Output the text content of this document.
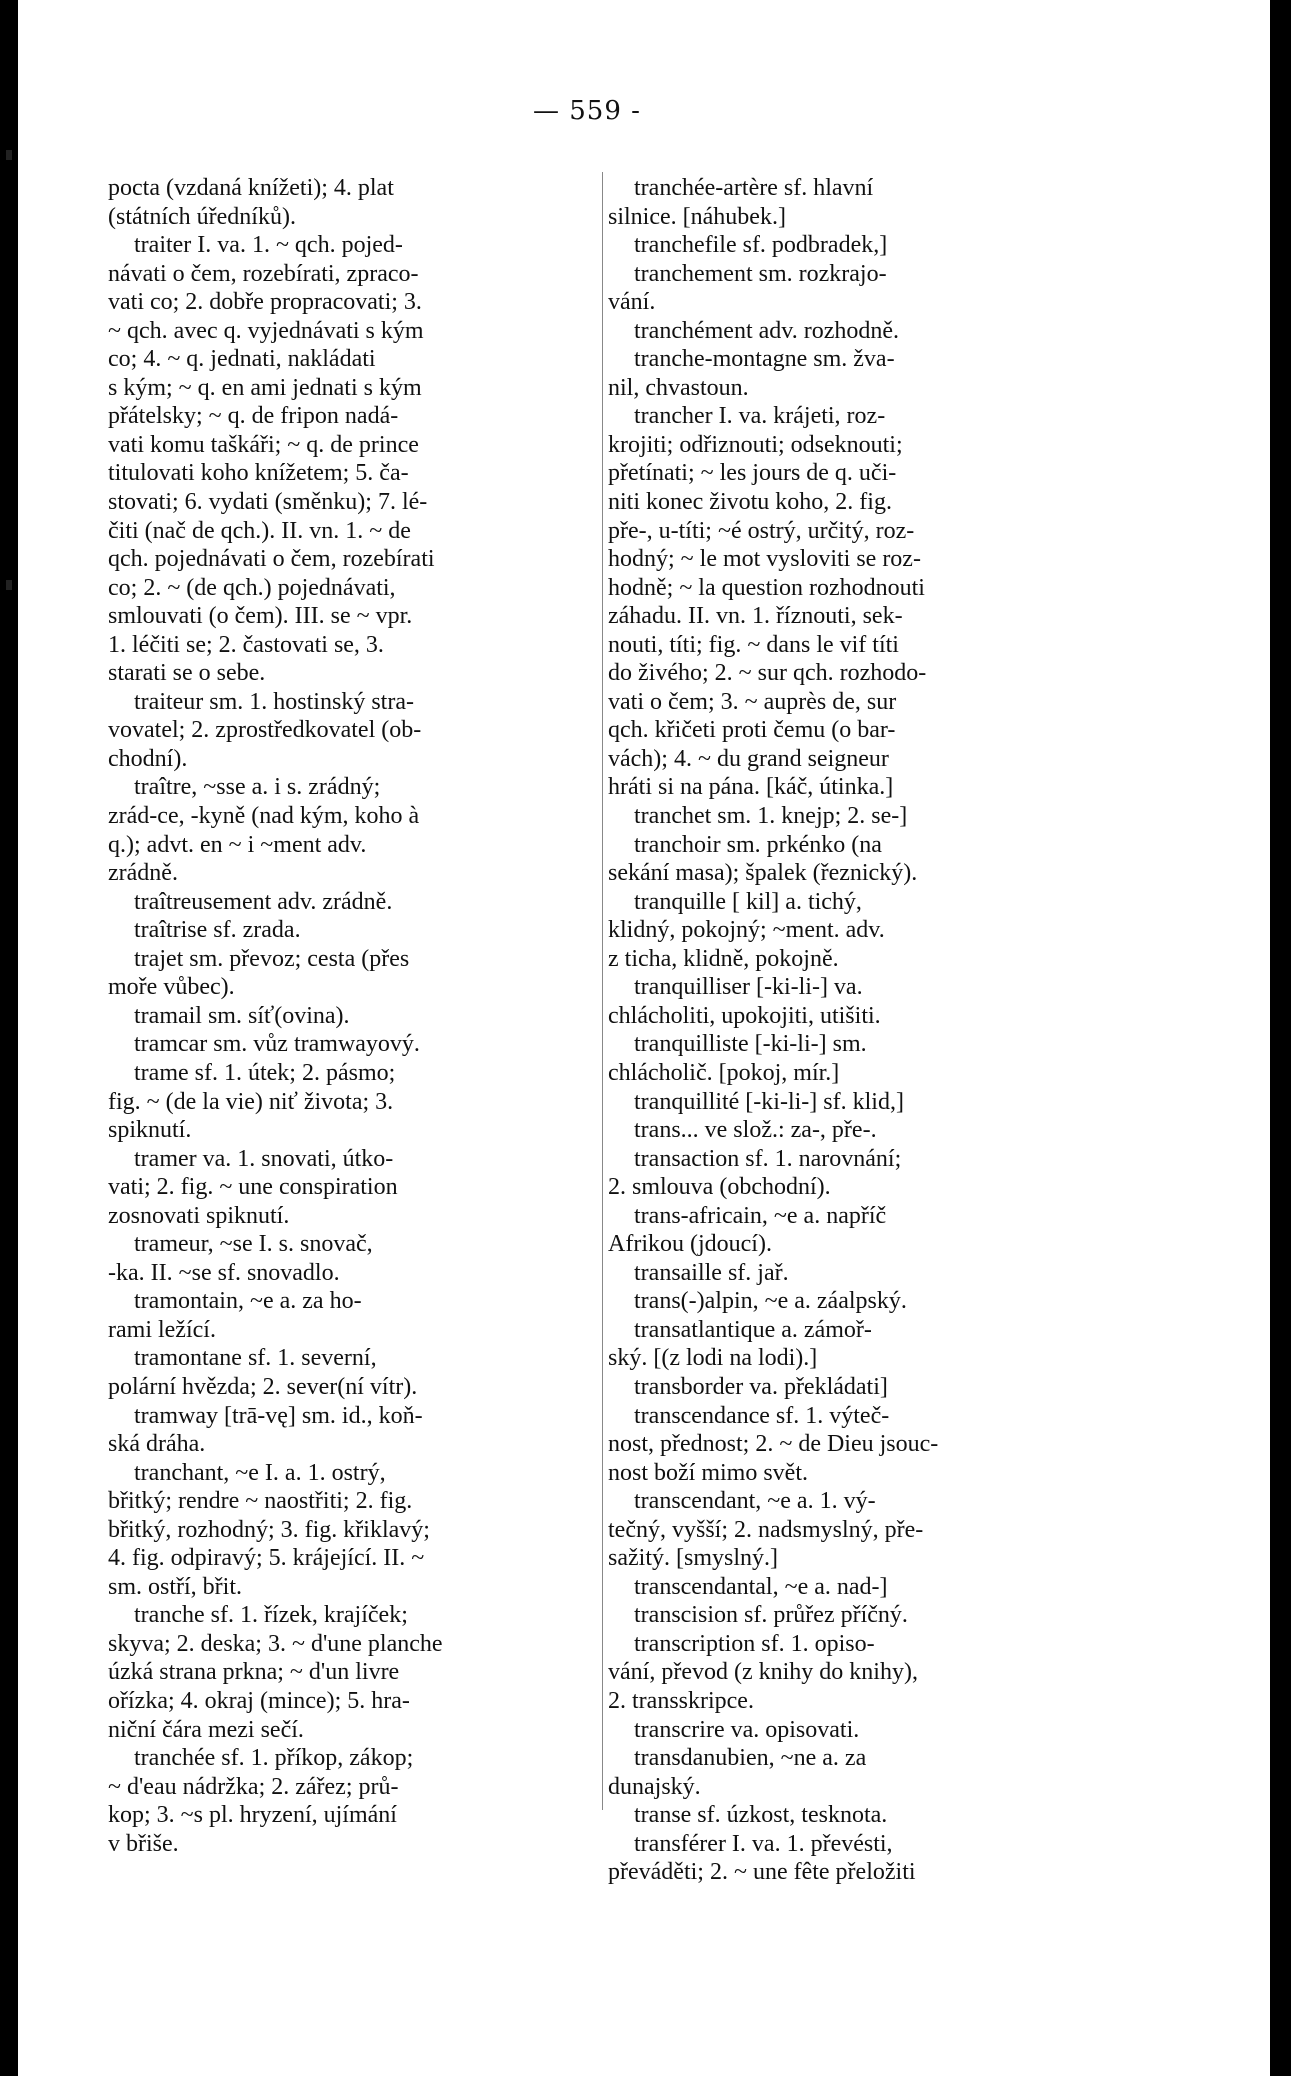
— 559 -
pocta (vzdaná knížeti); 4. plat
(státních úředníků).
traiter I. va. 1. ~ qch. pojed-
návati o čem, rozebírati, zpraco-
vati co; 2. dobře propracovati; 3.
~ qch. avec q. vyjednávati s kým
co; 4. ~ q. jednati, nakládati
s kým; ~ q. en ami jednati s kým
přátelsky; ~ q. de fripon nadá-
vati komu taškáři; ~ q. de prince
titulovati koho knížetem; 5. ča-
stovati; 6. vydati (směnku); 7. lé-
čiti (nač de qch.). II. vn. 1. ~ de
qch. pojednávati o čem, rozebírati
co; 2. ~ (de qch.) pojednávati,
smlouvati (o čem). III. se ~ vpr.
1. léčiti se; 2. častovati se, 3.
starati se o sebe.
traiteur sm. 1. hostinský stra-
vovatel; 2. zprostředkovatel (ob-
chodní).
traître, ~sse a. i s. zrádný;
zrád-ce, -kyně (nad kým, koho à
q.); advt. en ~ i ~ment adv.
zrádně.
traîtreusement adv. zrádně.
traîtrise sf. zrada.
trajet sm. převoz; cesta (přes
moře vůbec).
tramail sm. síť(ovina).
tramcar sm. vůz tramwayový.
trame sf. 1. útek; 2. pásmo;
fig. ~ (de la vie) niť života; 3.
spiknutí.
tramer va. 1. snovati, útko-
vati; 2. fig. ~ une conspiration
zosnovati spiknutí.
trameur, ~se I. s. snovač,
-ka. II. ~se sf. snovadlo.
tramontain, ~e a. za ho-
rami ležící.
tramontane sf. 1. severní,
polární hvězda; 2. sever(ní vítr).
tramway [trā-vę] sm. id., koň-
ská dráha.
tranchant, ~e I. a. 1. ostrý,
břitký; rendre ~ naostřiti; 2. fig.
břitký, rozhodný; 3. fig. křiklavý;
4. fig. odpiravý; 5. krájející. II. ~
sm. ostří, břit.
tranche sf. 1. řízek, krajíček;
skyva; 2. deska; 3. ~ d'une planche
úzká strana prkna; ~ d'un livre
ořízka; 4. okraj (mince); 5. hra-
niční čára mezi sečí.
tranchée sf. 1. příkop, zákop;
~ d'eau nádržka; 2. zářez; prů-
kop; 3. ~s pl. hryzení, ujímání
v břiše.
tranchée-artère sf. hlavní
silnice. [náhubek.]
tranchefile sf. podbradek,]
tranchement sm. rozkrajo-
vání.
tranchément adv. rozhodně.
tranche-montagne sm. žva-
nil, chvastoun.
trancher I. va. krájeti, roz-
krojiti; odřiznouti; odseknouti;
přetínati; ~ les jours de q. uči-
niti konec životu koho, 2. fig.
pře-, u-títi; ~é ostrý, určitý, roz-
hodný; ~ le mot vysloviti se roz-
hodně; ~ la question rozhodnouti
záhadu. II. vn. 1. říznouti, sek-
nouti, títi; fig. ~ dans le vif títi
do živého; 2. ~ sur qch. rozhodo-
vati o čem; 3. ~ auprès de, sur
qch. křičeti proti čemu (o bar-
vách); 4. ~ du grand seigneur
hráti si na pána. [káč, útinka.]
tranchet sm. 1. knejp; 2. se-]
tranchoir sm. prkénko (na
sekání masa); špalek (řeznický).
tranquille [ kil] a. tichý,
klidný, pokojný; ~ment. adv.
z ticha, klidně, pokojně.
tranquilliser [-ki-li-] va.
chlácholiti, upokojiti, utišiti.
tranquilliste [-ki-li-] sm.
chlácholič. [pokoj, mír.]
tranquillité [-ki-li-] sf. klid,]
trans... ve slož.: za-, pře-.
transaction sf. 1. narovnání;
2. smlouva (obchodní).
trans-africain, ~e a. napříč
Afrikou (jdoucí).
transaille sf. jař.
trans(-)alpin, ~e a. záalpský.
transatlantique a. zámoř-
ský. [(z lodi na lodi).]
transborder va. překládati]
transcendance sf. 1. výteč-
nost, přednost; 2. ~ de Dieu jsouc-
nost boží mimo svět.
transcendant, ~e a. 1. vý-
tečný, vyšší; 2. nadsmyslný, pře-
sažitý. [smyslný.]
transcendantal, ~e a. nad-]
transcision sf. průřez příčný.
transcription sf. 1. opiso-
vání, převod (z knihy do knihy),
2. transskripce.
transcrire va. opisovati.
transdanubien, ~ne a. za
dunajský.
transe sf. úzkost, tesknota.
transférer I. va. 1. převésti,
převáděti; 2. ~ une fête přeložiti
